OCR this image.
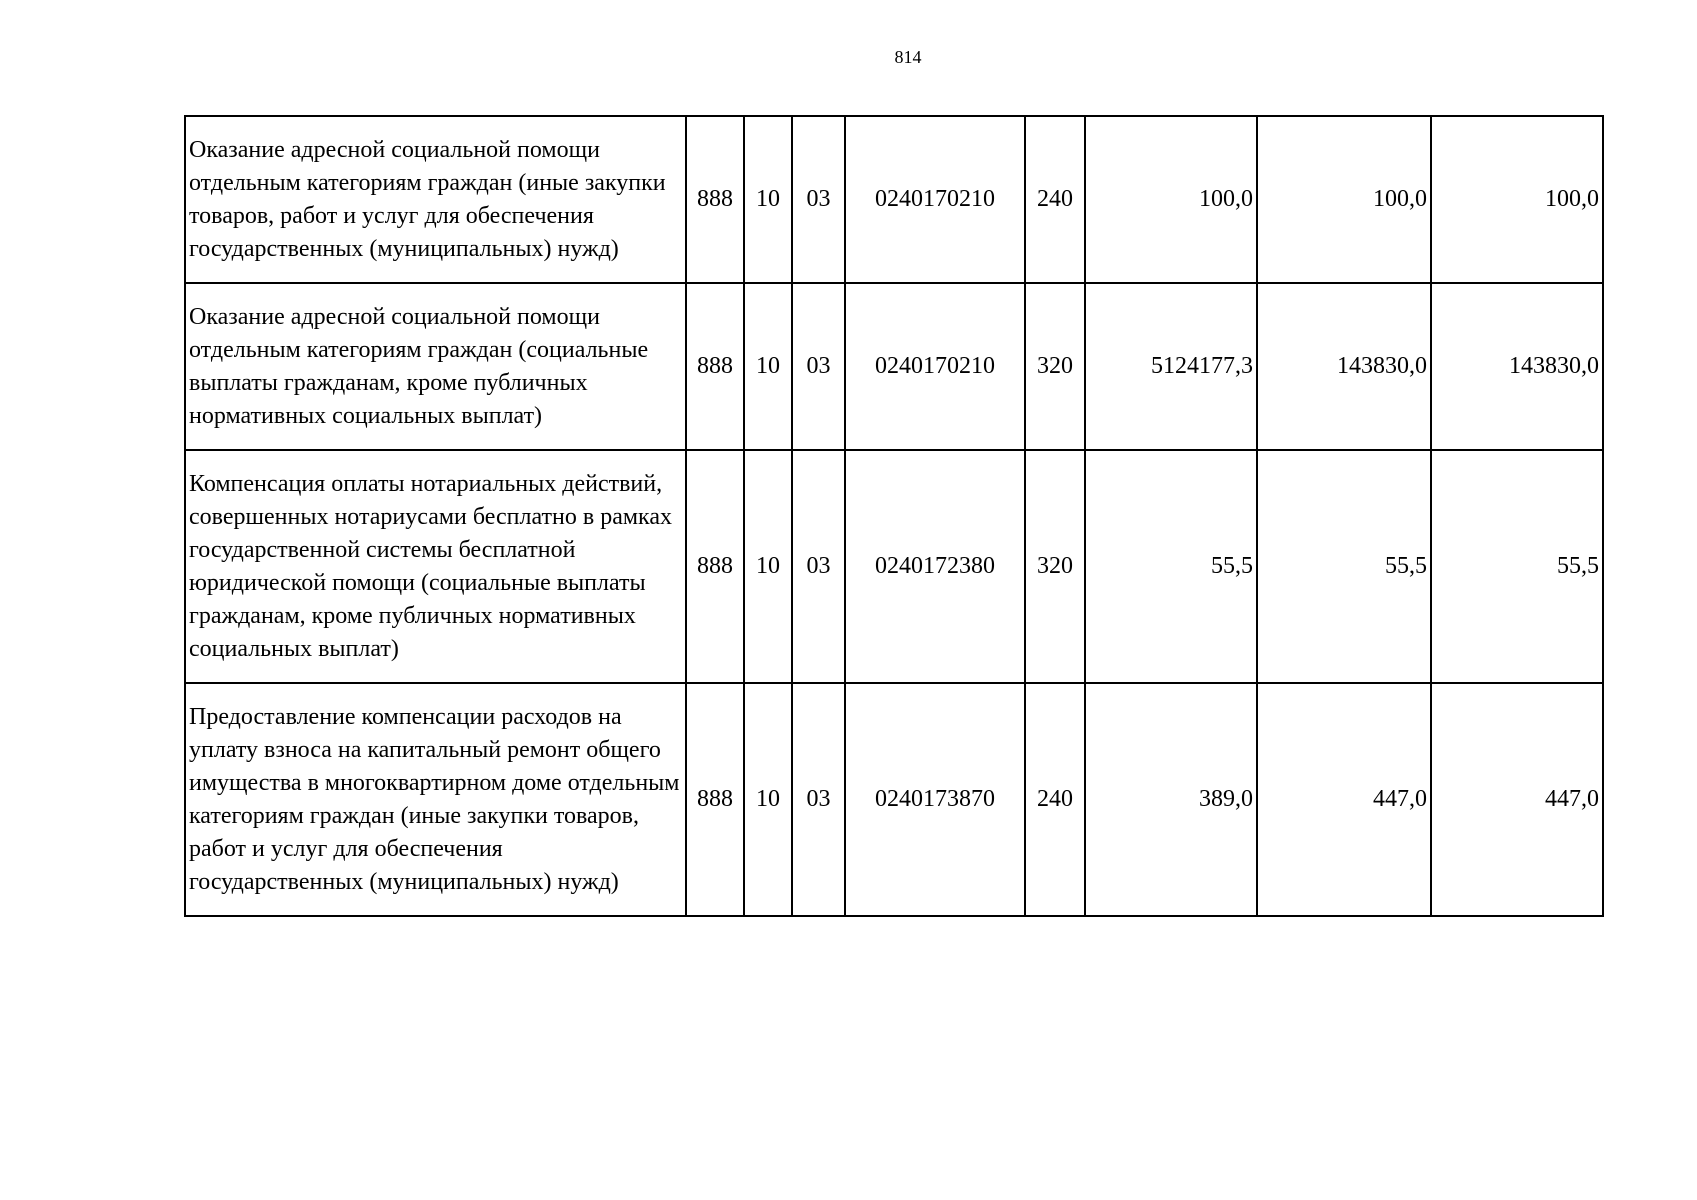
814
Оказание адресной социальной помощи отдельным категориям граждан (иные закупки товаров, работ и услуг для обеспечения государственных (муниципальных) нужд)	888	10	03	0240170210	240	100,0	100,0	100,0
Оказание адресной социальной помощи отдельным категориям граждан (социальные выплаты гражданам, кроме публичных нормативных социальных выплат)	888	10	03	0240170210	320	5124177,3	143830,0	143830,0
Компенсация оплаты нотариальных действий, совершенных нотариусами бесплатно в рамках государственной системы бесплатной юридической помощи (социальные выплаты гражданам, кроме публичных нормативных социальных выплат)	888	10	03	0240172380	320	55,5	55,5	55,5
Предоставление компенсации расходов на уплату взноса на капитальный ремонт общего имущества в многоквартирном доме отдельным категориям граждан (иные закупки товаров, работ и услуг для обеспечения государственных (муниципальных) нужд)	888	10	03	0240173870	240	389,0	447,0	447,0
